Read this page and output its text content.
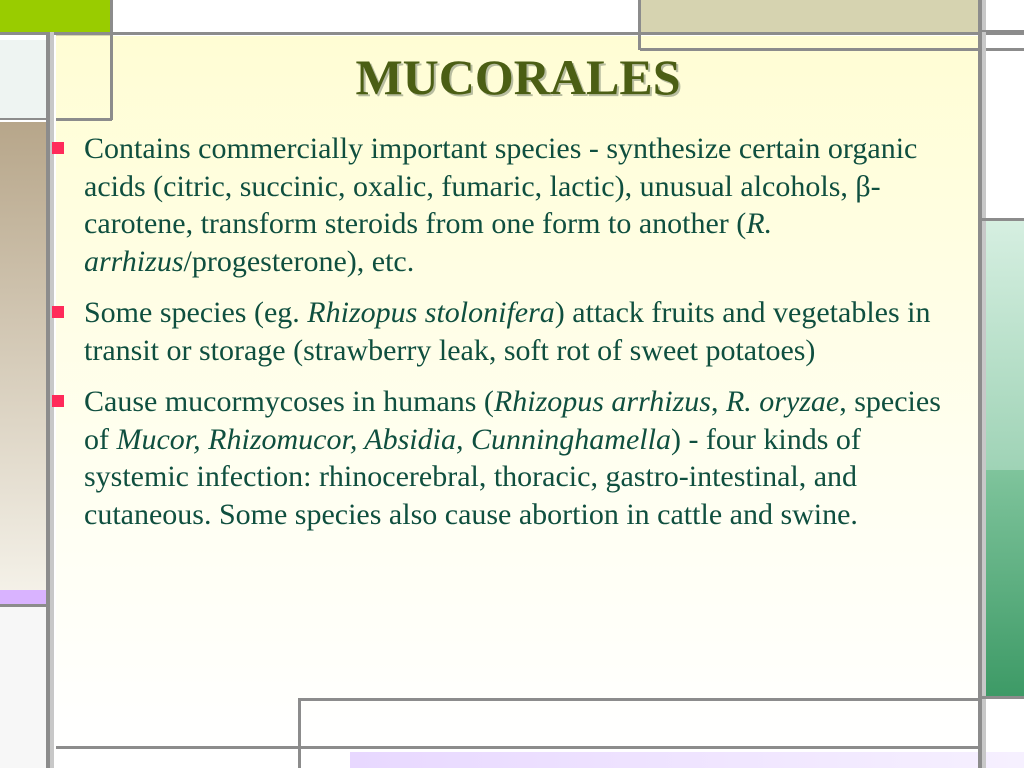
MUCORALES
Contains commercially important species - synthesize certain organic acids (citric, succinic, oxalic, fumaric, lactic), unusual alcohols, β-carotene, transform steroids from one form to another (R. arrhizus/progesterone), etc.
Some species (eg. Rhizopus stolonifera) attack fruits and vegetables in transit or storage (strawberry leak, soft rot of sweet potatoes)
Cause mucormycoses in humans (Rhizopus arrhizus, R. oryzae, species of Mucor, Rhizomucor, Absidia, Cunninghamella) - four kinds of systemic infection: rhinocerebral, thoracic, gastro-intestinal, and cutaneous. Some species also cause abortion in cattle and swine.
